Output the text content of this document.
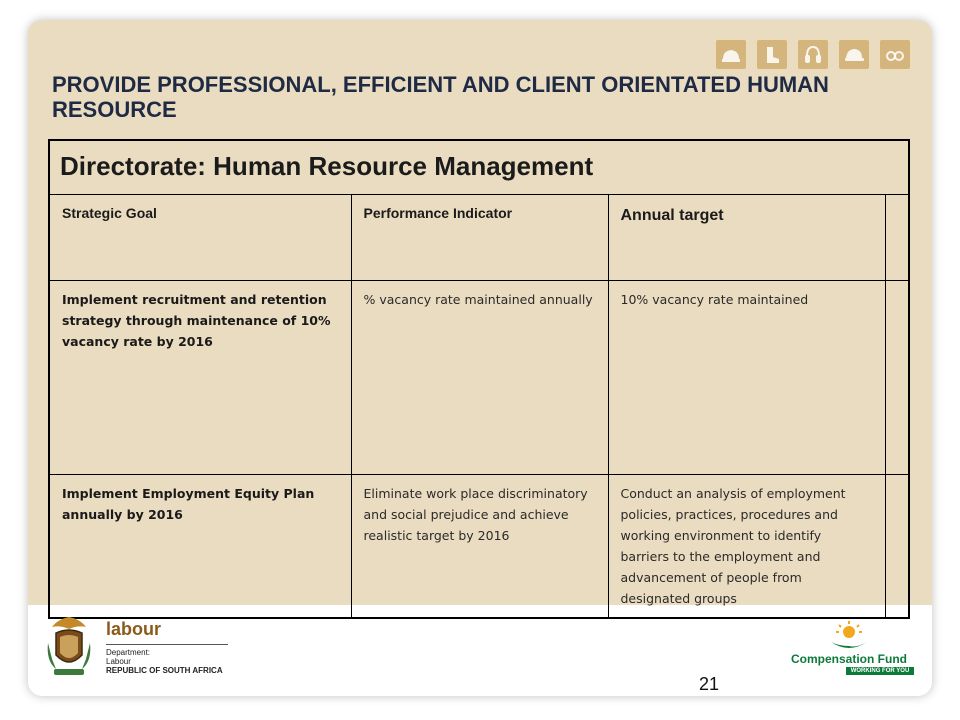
PROVIDE PROFESSIONAL, EFFICIENT AND CLIENT ORIENTATED HUMAN RESOURCE
Directorate: Human Resource Management			
Strategic Goal	Performance Indicator	Annual target	
Implement recruitment and retention strategy through maintenance of 10% vacancy rate by 2016	% vacancy rate maintained annually	10% vacancy rate maintained	
Implement Employment Equity Plan annually by 2016	Eliminate work place discriminatory and social prejudice and achieve realistic target by 2016	Conduct an analysis of employment policies, practices, procedures and working environment to identify barriers to the employment and advancement of people from designated groups	
labour
Department:
Labour
REPUBLIC OF SOUTH AFRICA
Compensation Fund
WORKING FOR YOU
21
